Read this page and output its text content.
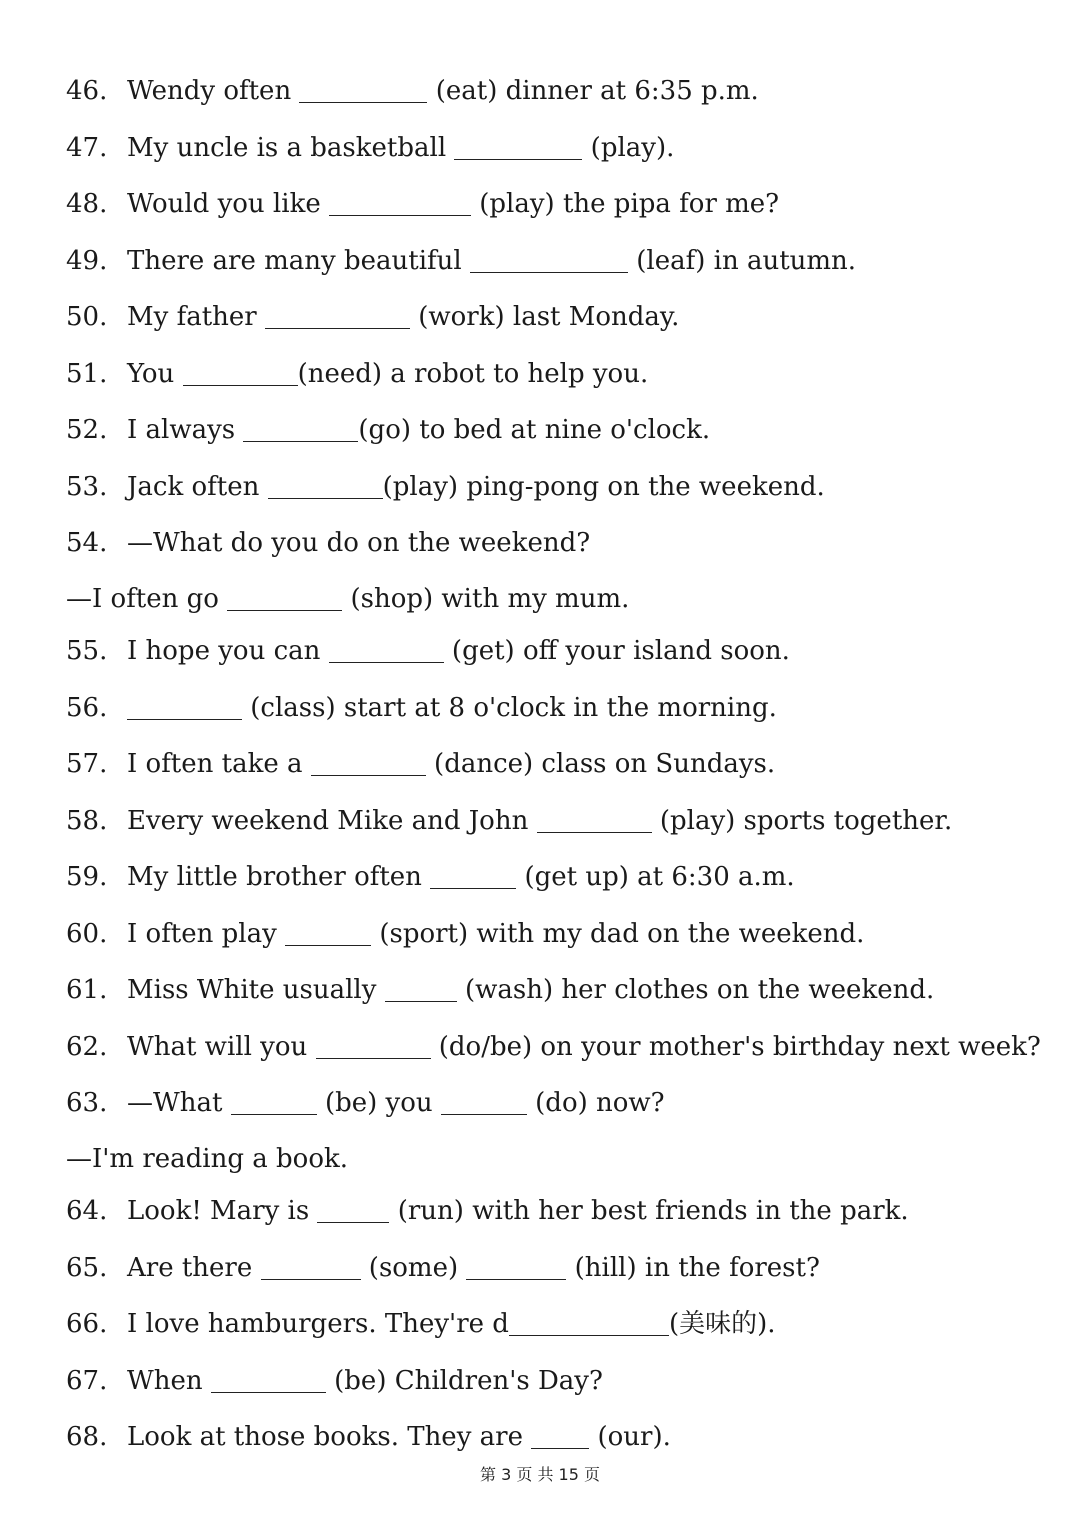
46. Wendy often	(eat) dinner at 6:35 p.m.
47. My uncle is a basketball	(play).
48. Would you like	(play) the pipa for me?
49. There are many beautiful	(leaf) in autumn.
50. My father	(work) last Monday.
51. You	(need) a robot to help you.
52. I always	(go) to bed at nine o'clock.
53. Jack often	(play) ping-pong on the weekend.
54. —What do you do on the weekend?
—I often go	(shop) with my mum.
55. I hope you can	(get) off your island soon.
56.	(class) start at 8 o'clock in the morning.
57. I often take a	(dance) class on Sundays.
58. Every weekend Mike and John	(play) sports together.
59. My little brother often	(get up) at 6:30 a.m.
60. I often play	(sport) with my dad on the weekend.
61. Miss White usually	(wash) her clothes on the weekend.
62. What will you	(do/be) on your mother's birthday next week?
63. —What	(be) you	(do) now?
—I'm reading a book.
64. Look! Mary is	(run) with her best friends in the park.
65. Are there	(some)	(hill) in the forest?
66. I love hamburgers. They're d	(美味的).
67. When	(be) Children's Day?
68. Look at those books. They are  (our).
第 3 页 共 15 页
